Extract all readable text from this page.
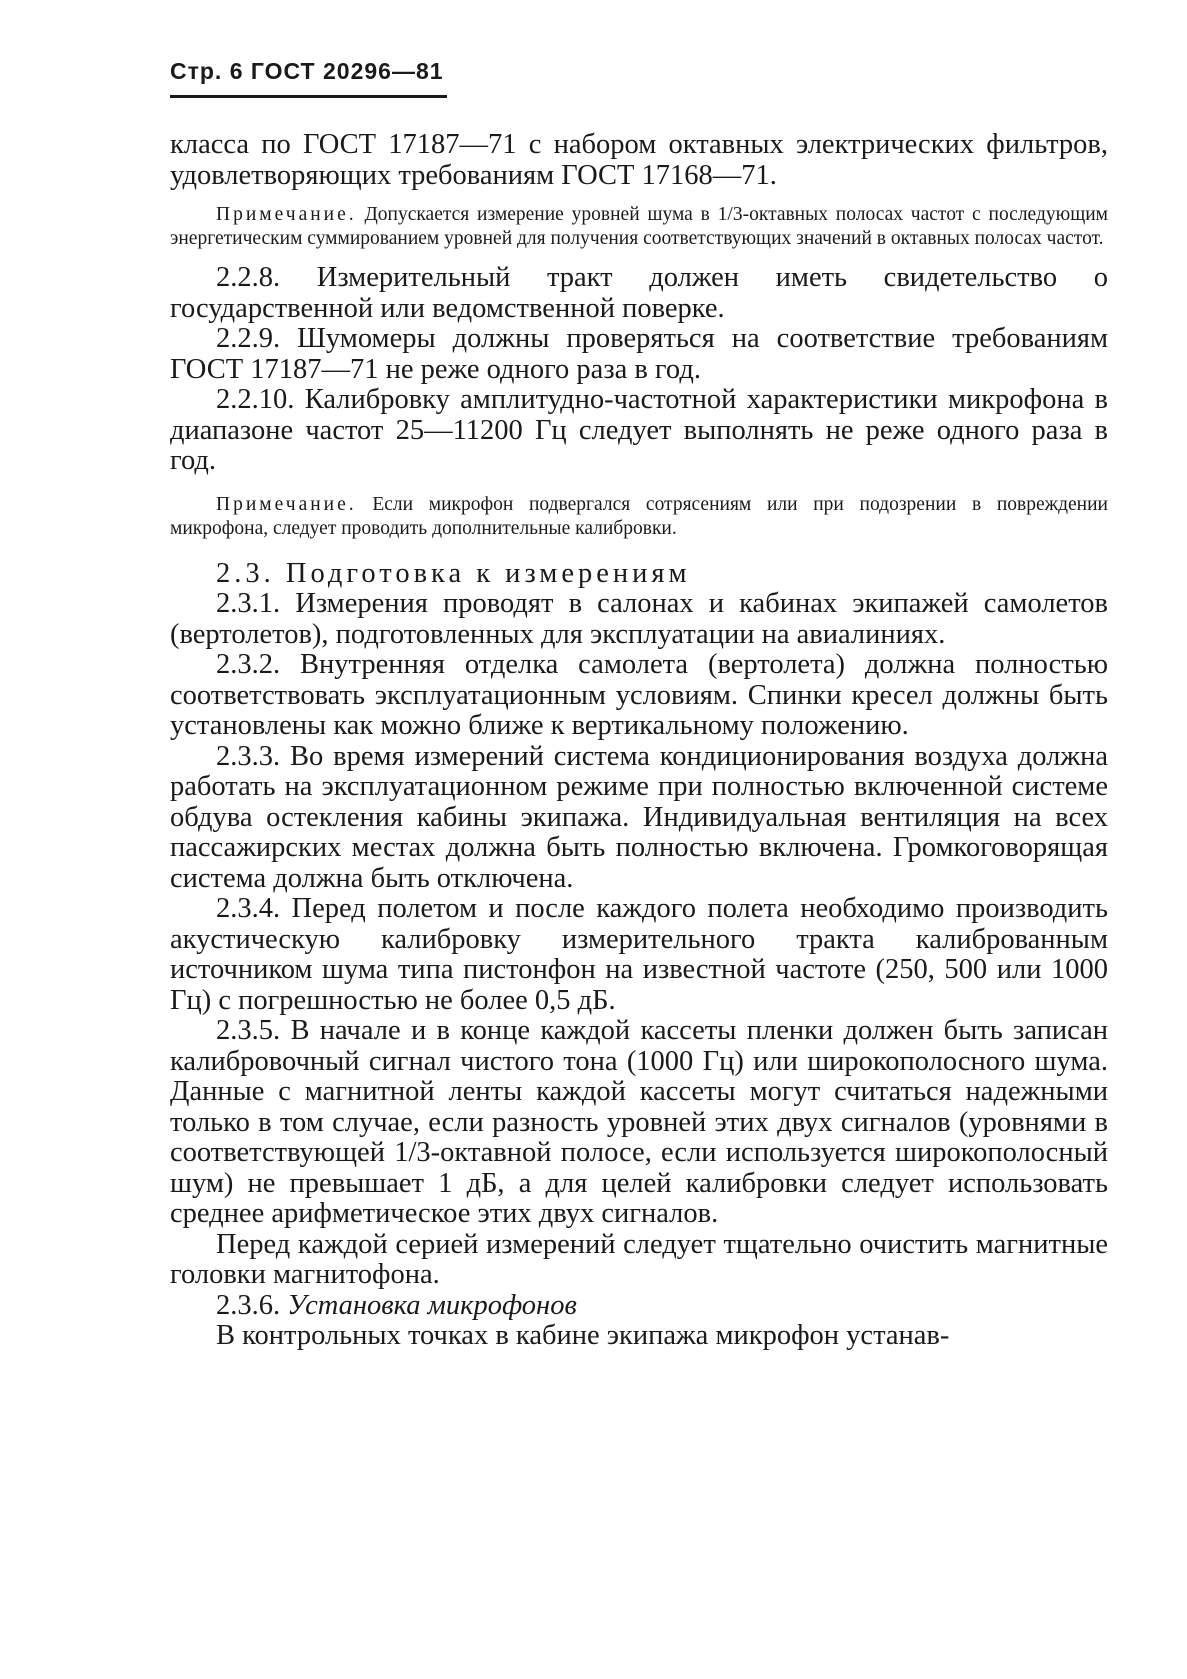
Стр. 6 ГОСТ 20296—81

класса по ГОСТ 17187—71 с набором октавных электрических фильтров, удовлетворяющих требованиям ГОСТ 17168—71.

Примечание. Допускается измерение уровней шума в 1/3-октавных полосах частот с последующим энергетическим суммированием уровней для получения соответствующих значений в октавных полосах частот.

2.2.8. Измерительный тракт должен иметь свидетельство о государственной или ведомственной поверке.

2.2.9. Шумомеры должны проверяться на соответствие требованиям ГОСТ 17187—71 не реже одного раза в год.

2.2.10. Калибровку амплитудно-частотной характеристики микрофона в диапазоне частот 25—11200 Гц следует выполнять не реже одного раза в год.

Примечание. Если микрофон подвергался сотрясениям или при подозрении в повреждении микрофона, следует проводить дополнительные калибровки.

2.3. Подготовка к измерениям

2.3.1. Измерения проводят в салонах и кабинах экипажей самолетов (вертолетов), подготовленных для эксплуатации на авиалиниях.

2.3.2. Внутренняя отделка самолета (вертолета) должна полностью соответствовать эксплуатационным условиям. Спинки кресел должны быть установлены как можно ближе к вертикальному положению.

2.3.3. Во время измерений система кондиционирования воздуха должна работать на эксплуатационном режиме при полностью включенной системе обдува остекления кабины экипажа. Индивидуальная вентиляция на всех пассажирских местах должна быть полностью включена. Громкоговорящая система должна быть отключена.

2.3.4. Перед полетом и после каждого полета необходимо производить акустическую калибровку измерительного тракта калиброванным источником шума типа пистонфон на известной частоте (250, 500 или 1000 Гц) с погрешностью не более 0,5 дБ.

2.3.5. В начале и в конце каждой кассеты пленки должен быть записан калибровочный сигнал чистого тона (1000 Гц) или широкополосного шума. Данные с магнитной ленты каждой кассеты могут считаться надежными только в том случае, если разность уровней этих двух сигналов (уровнями в соответствующей 1/3-октавной полосе, если используется широкополосный шум) не превышает 1 дБ, а для целей калибровки следует использовать среднее арифметическое этих двух сигналов.

Перед каждой серией измерений следует тщательно очистить магнитные головки магнитофона.

2.3.6. Установка микрофонов

В контрольных точках в кабине экипажа микрофон устанав-
